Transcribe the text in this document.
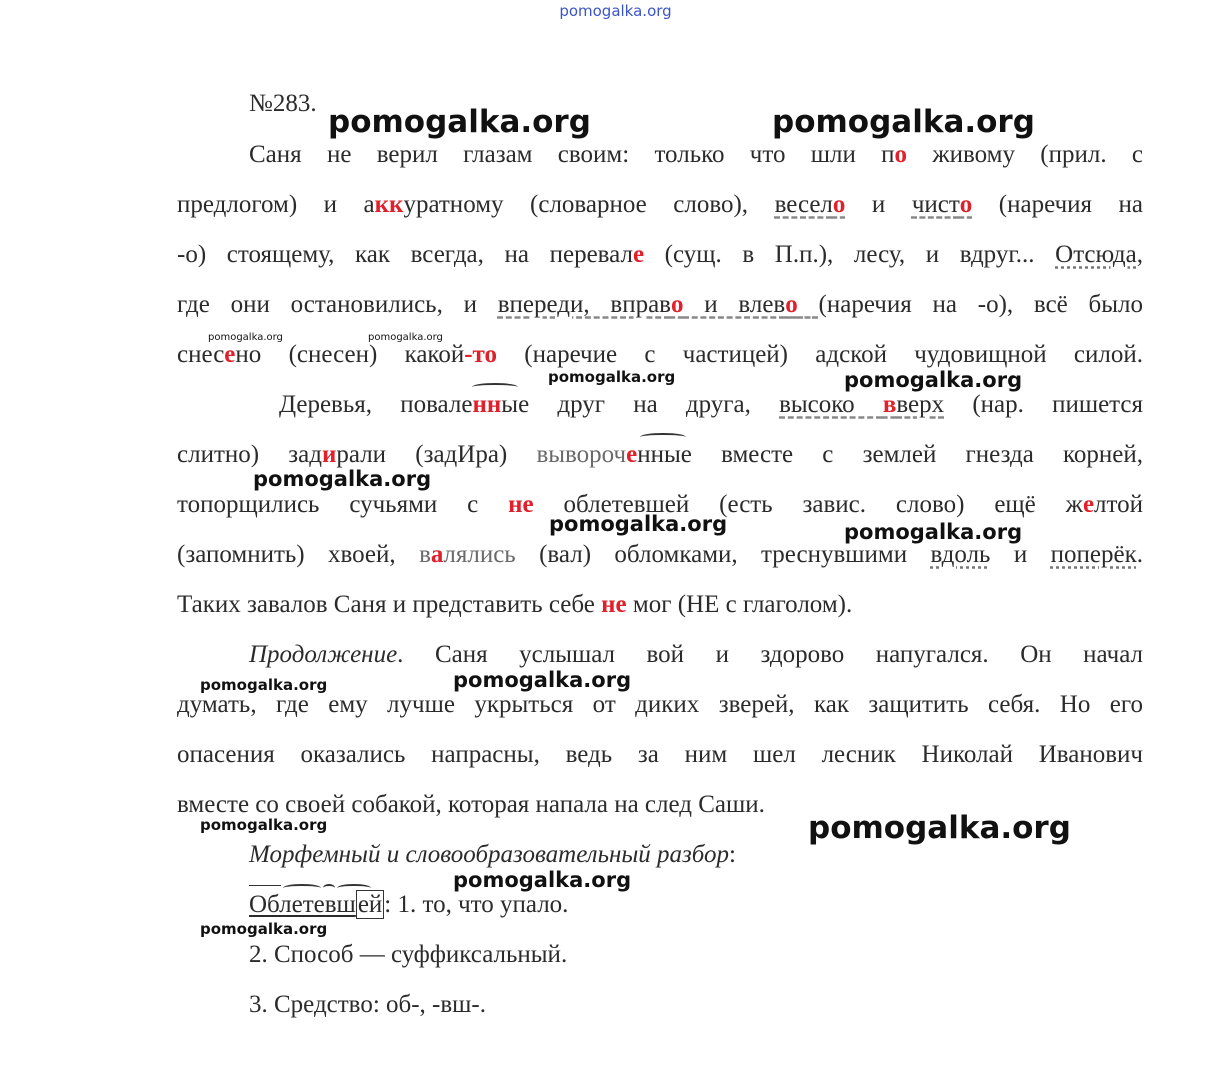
pomogalka.org
№283.
Саня не верил глазам своим: только что шли по живому (прил. с
предлогом) и аккуратному (словарное слово), весело и чисто (наречия на
-о) стоящему, как всегда, на перевале (сущ. в П.п.), лесу, и вдруг... Отсюда,
где они остановились, и впереди, вправо и влево (наречия на -о), всё было
снесено (снесен) какой-то (наречие с частицей) адской чудовищной силой.
Деревья, поваленные друг на друга, высоко вверх (нар. пишется
слитно) задирали (задИра) вывороченные вместе с землей гнезда корней,
топорщились сучьями с не облетевшей (есть завис. слово) ещё желтой
(запомнить) хвоей, валялись (вал) обломками, треснувшими вдоль и поперёк.
Таких завалов Саня и представить себе не мог (НЕ с глаголом).
Продолжение. Саня услышал вой и здорово напугался. Он начал
думать, где ему лучше укрыться от диких зверей, как защитить себя. Но его
опасения оказались напрасны, ведь за ним шел лесник Николай Иванович
вместе со своей собакой, которая напала на след Саши.
Морфемный и словообразовательный разбор:
Облетевшей: 1. то, что упало.
2. Способ — суффиксальный.
3. Средство: об-, -вш-.
pomogalka.org	pomogalka.org
pomogalka.org	pomogalka.org
pomogalka.org	pomogalka.org
pomogalka.org
pomogalka.org	pomogalka.org
pomogalka.org	pomogalka.org
pomogalka.org	pomogalka.org
pomogalka.org
pomogalka.org
